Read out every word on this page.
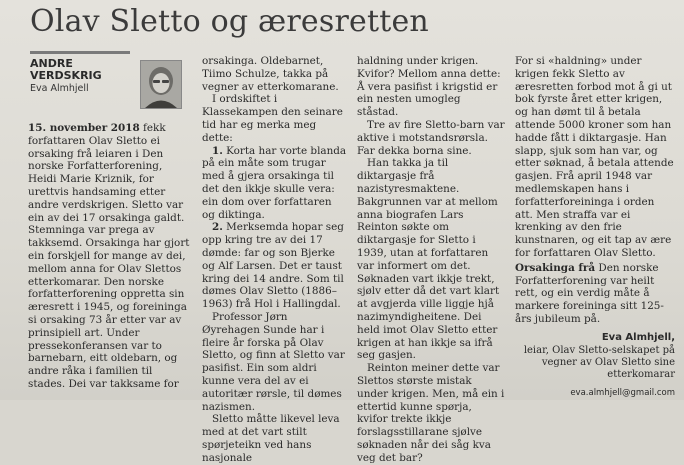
Olav Sletto og æresretten
ANDRE
VERDSKRIG
Eva Almhjell

15. november 2018 fekk forfattaren Olav Sletto ei orsaking frå leiaren i Den norske Forfatterforening, Heidi Marie Kriznik, for urettvis handsaming etter andre verdskrigen. Sletto var ein av dei 17 orsakinga galdt. Stemninga var prega av takksemd. Orsakinga har gjort ein forskjell for mange av dei, mellom anna for Olav Slettos etterkomarar. Den norske forfatterforening oppretta sin æresrett i 1945, og foreininga si orsaking 73 år etter var av prinsipiell art. Under pressekonferansen var to barnebarn, eitt oldebarn, og andre råka i familien til stades. Dei var takksame for

orsakinga. Oldebarnet, Tiimo Schulze, takka på vegner av etterkomarane.

I ordskiftet i Klassekampen den seinare tid har eg merka meg dette:

1. Korta har vorte blanda på ein måte som trugar med å gjera orsakinga til det den ikkje skulle vera: ein dom over forfattaren og diktinga.

2. Merksemda hopar seg opp kring tre av dei 17 dømde: far og son Bjerke og Alf Larsen. Det er taust kring dei 14 andre. Som til dømes Olav Sletto (1886–1963) frå Hol i Hallingdal.

Professor Jørn Øyrehagen Sunde har i fleire år forska på Olav Sletto, og finn at Sletto var pasifist. Ein som aldri kunne vera del av ei autoritær rørsle, til dømes nazismen.

Sletto måtte likevel leva med at det vart stilt spørjeteikn ved hans nasjonale

haldning under krigen. Kvifor? Mellom anna dette: Å vera pasifist i krigstid er ein nesten umogleg ståstad.

Tre av fire Sletto-barn var aktive i motstandsrørsla. Far dekka borna sine.

Han takka ja til diktargasje frå nazistyresmaktene. Bakgrunnen var at mellom anna biografen Lars Reinton søkte om diktargasje for Sletto i 1939, utan at forfattaren var informert om det. Søknaden vart ikkje trekt, sjølv etter då det vart klart at avgjerda ville liggje hjå nazimyndigheitene. Dei held imot Olav Sletto etter krigen at han ikkje sa ifrå seg gasjen.

Reinton meiner dette var Slettos største mistak under krigen. Men, må ein i ettertid kunne spørja, kvifor trekte ikkje forslagsstillarane sjølve søknaden når dei såg kva veg det bar?

For si «haldning» under krigen fekk Sletto av æresretten forbod mot å gi ut bok fyrste året etter krigen, og han dømt til å betala attende 5000 kroner som han hadde fått i diktargasje. Han slapp, sjuk som han var, og etter søknad, å betala attende gasjen. Frå april 1948 var medlemskapen hans i forfatterforeininga i orden att. Men straffa var ei krenking av den frie kunstnaren, og eit tap av ære for forfattaren Olav Sletto.

Orsakinga frå Den norske Forfatterforening var heilt rett, og ein verdig måte å markere foreininga sitt 125-års jubileum på.

Eva Almhjell,
leiar, Olav Sletto-selskapet på vegner av Olav Sletto sine etterkomarar
eva.almhjell@gmail.com
